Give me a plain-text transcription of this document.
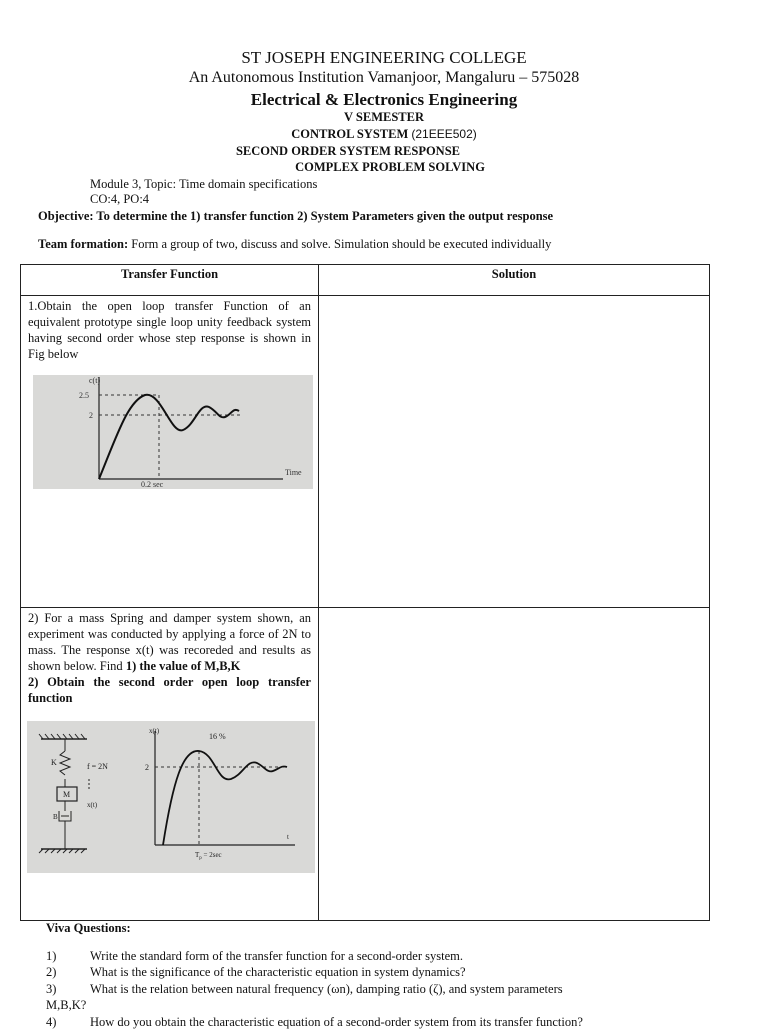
ST JOSEPH ENGINEERING COLLEGE
An Autonomous Institution Vamanjoor, Mangaluru – 575028
Electrical & Electronics Engineering
V SEMESTER
CONTROL SYSTEM (21EEE502)
SECOND ORDER SYSTEM RESPONSE
COMPLEX PROBLEM SOLVING
Module 3, Topic: Time domain specifications
CO:4, PO:4
Objective: To determine the 1) transfer function 2) System Parameters given the output response
Team formation: Form a group of two, discuss and solve. Simulation should be executed individually
Transfer Function	Solution
1.Obtain the open loop transfer Function of an equivalent prototype single loop unity feedback system having second order whose step response is shown in Fig below
c(t)
2.5
2
0.2 sec
Time
2) For a mass Spring and damper system shown, an experiment was conducted by applying a force of 2N to mass. The response x(t) was recoreded and results as shown below. Find 1) the value of M,B,K
2) Obtain the second order open loop transfer function
K
M
f = 2N
x(t)
B
x(t)
16 %
2
$T_p = 2\sec$
t
Viva Questions:
1)	Write the standard form of the transfer function for a second-order system.
2)	What is the significance of the characteristic equation in system dynamics?
3)	What is the relation between natural frequency (ωn), damping ratio (ζ), and system parameters
M,B,K?
4)	How do you obtain the characteristic equation of a second-order system from its transfer function?
